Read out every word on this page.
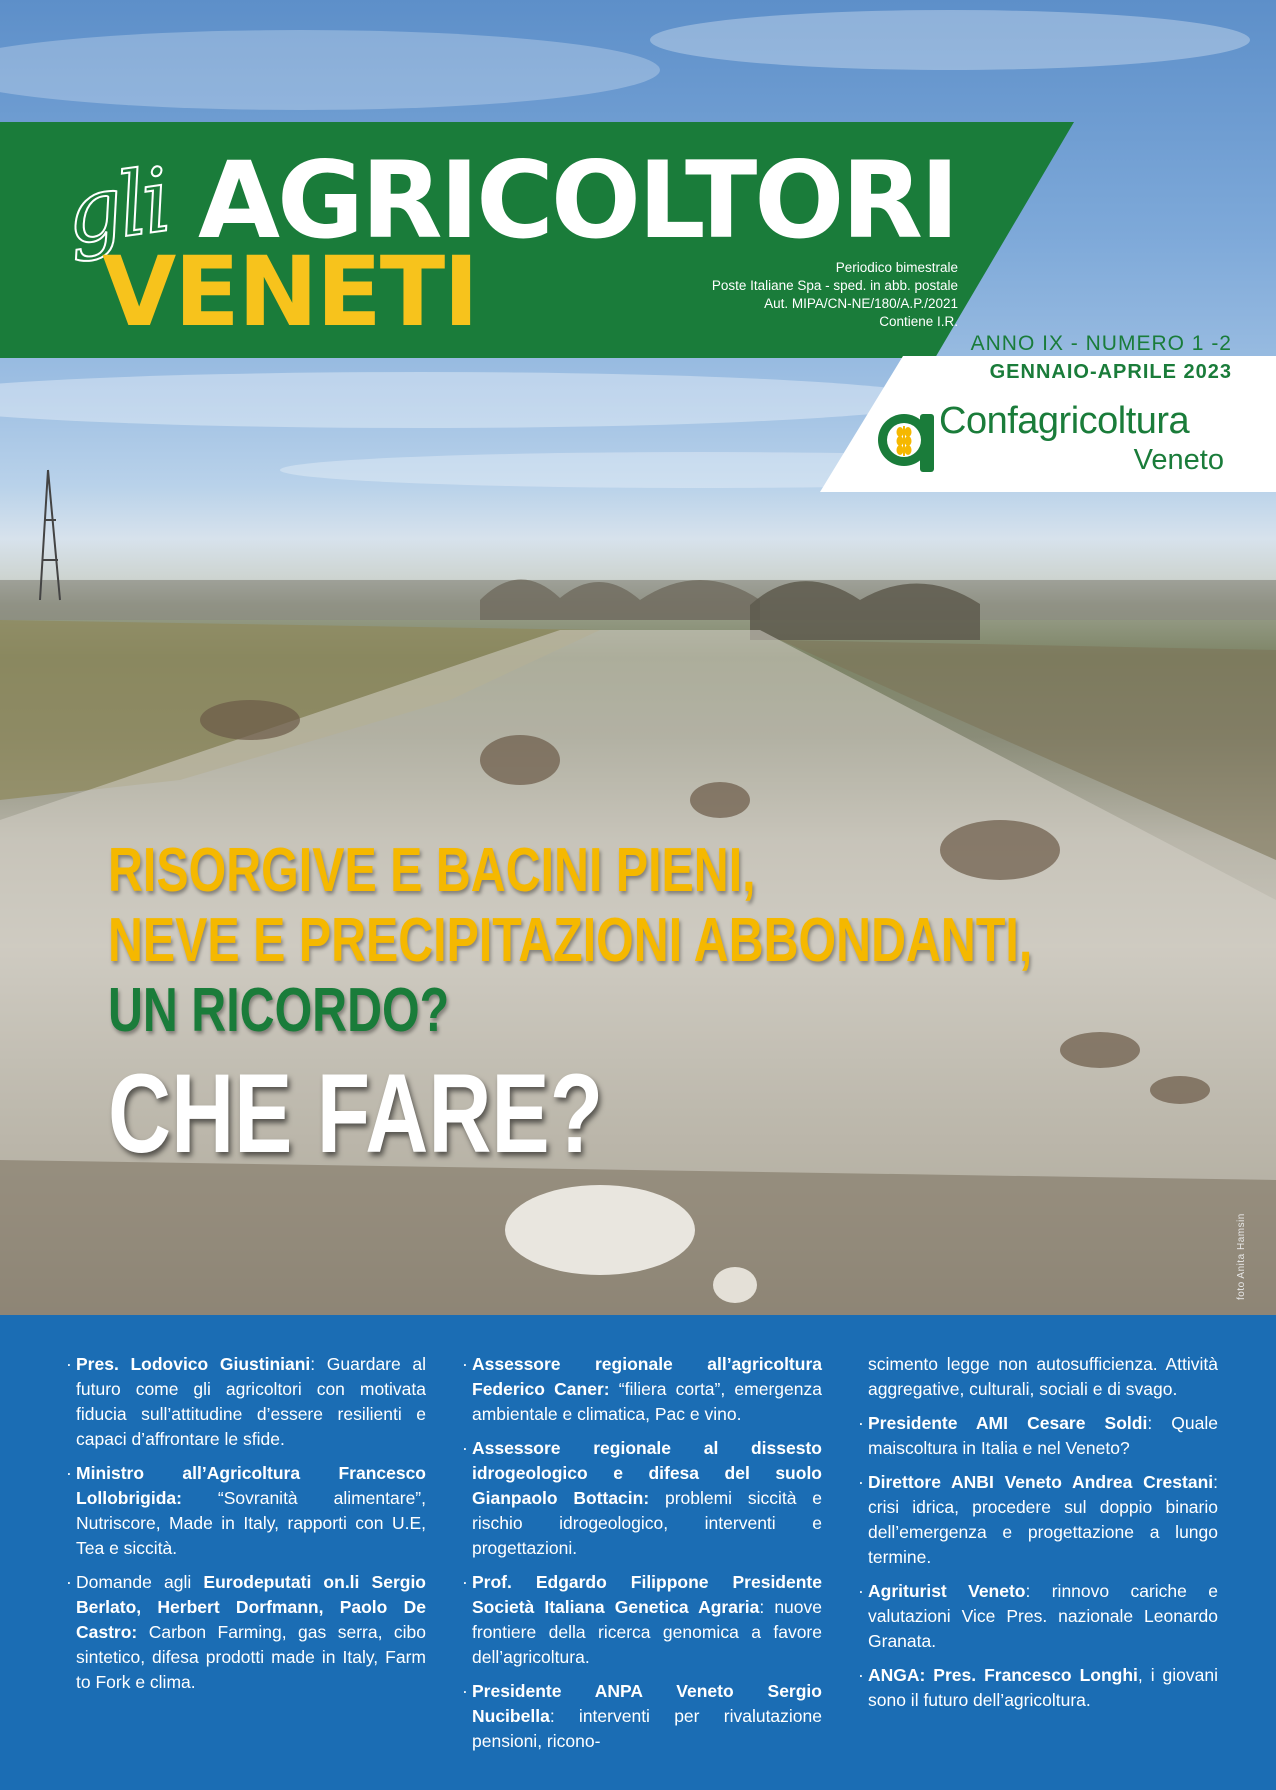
foto Anita Hamsin
gli AGRICOLTORI
VENETI	Periodico bimestrale
Poste Italiane Spa - sped. in abb. postale
Aut. MIPA/CN-NE/180/A.P./2021
Contiene I.R.
ANNO IX - NUMERO 1 -2
GENNAIO-APRILE 2023
Confagricoltura
Veneto
RISORGIVE E BACINI PIENI,
NEVE E PRECIPITAZIONI ABBONDANTI,
UN RICORDO?
CHE FARE?
· Pres. Lodovico Giustiniani: Guardare al futuro come gli agricoltori con motivata fiducia sull’attitudine d’essere resilienti e capaci d’affrontare le sfide.
· Ministro all’Agricoltura Francesco Lollobrigida: “Sovranità alimentare”, Nutriscore, Made in Italy, rapporti con U.E, Tea e siccità.
· Domande agli Eurodeputati on.li Sergio Berlato, Herbert Dorfmann, Paolo De Castro: Carbon Farming, gas serra, cibo sintetico, difesa prodotti made in Italy, Farm to Fork e clima.
· Assessore regionale all’agricoltura Federico Caner: “filiera corta”, emergenza ambientale e climatica, Pac e vino.
· Assessore regionale al dissesto idrogeologico e difesa del suolo Gianpaolo Bottacin: problemi siccità e rischio idrogeologico, interventi e progettazioni.
· Prof. Edgardo Filippone Presidente Società Italiana Genetica Agraria: nuove frontiere della ricerca genomica a favore dell’agricoltura.
· Presidente ANPA Veneto Sergio Nucibella: interventi per rivalutazione pensioni, ricono-
scimento legge non autosufficienza. Attività aggregative, culturali, sociali e di svago.
· Presidente AMI Cesare Soldi: Quale maiscoltura in Italia e nel Veneto?
· Direttore ANBI Veneto Andrea Crestani: crisi idrica, procedere sul doppio binario dell’emergenza e progettazione a lungo termine.
· Agriturist Veneto: rinnovo cariche e valutazioni Vice Pres. nazionale Leonardo Granata.
· ANGA: Pres. Francesco Longhi, i giovani sono il futuro dell’agricoltura.
